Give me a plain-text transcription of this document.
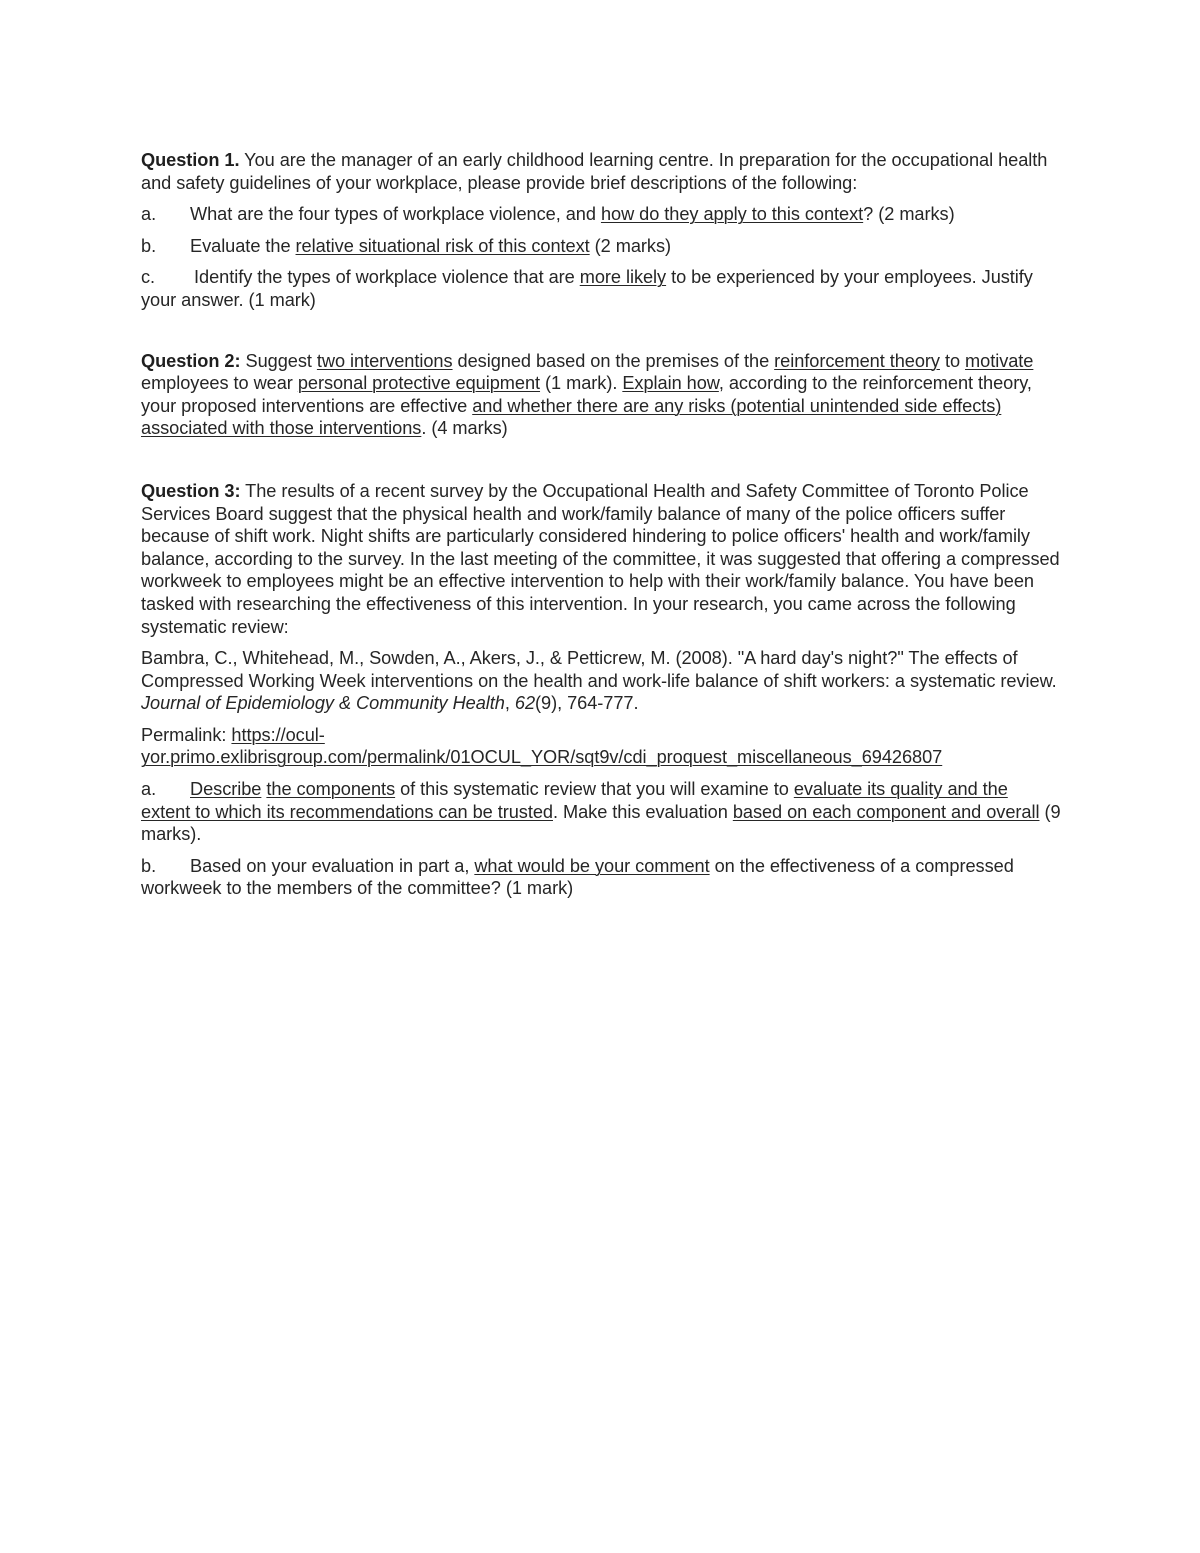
Question 1. You are the manager of an early childhood learning centre. In preparation for the occupational health and safety guidelines of your workplace, please provide brief descriptions of the following:

a. What are the four types of workplace violence, and how do they apply to this context? (2 marks)

b. Evaluate the relative situational risk of this context (2 marks)

c. Identify the types of workplace violence that are more likely to be experienced by your employees. Justify your answer. (1 mark)

Question 2: Suggest two interventions designed based on the premises of the reinforcement theory to motivate employees to wear personal protective equipment (1 mark). Explain how, according to the reinforcement theory, your proposed interventions are effective and whether there are any risks (potential unintended side effects) associated with those interventions. (4 marks)

Question 3: The results of a recent survey by the Occupational Health and Safety Committee of Toronto Police Services Board suggest that the physical health and work/family balance of many of the police officers suffer because of shift work. Night shifts are particularly considered hindering to police officers' health and work/family balance, according to the survey. In the last meeting of the committee, it was suggested that offering a compressed workweek to employees might be an effective intervention to help with their work/family balance. You have been tasked with researching the effectiveness of this intervention. In your research, you came across the following systematic review:

Bambra, C., Whitehead, M., Sowden, A., Akers, J., & Petticrew, M. (2008). "A hard day's night?" The effects of Compressed Working Week interventions on the health and work-life balance of shift workers: a systematic review. Journal of Epidemiology & Community Health, 62(9), 764-777.

Permalink: https://ocul-yor.primo.exlibrisgroup.com/permalink/01OCUL_YOR/sqt9v/cdi_proquest_miscellaneous_69426807

a. Describe the components of this systematic review that you will examine to evaluate its quality and the extent to which its recommendations can be trusted. Make this evaluation based on each component and overall (9 marks).

b. Based on your evaluation in part a, what would be your comment on the effectiveness of a compressed workweek to the members of the committee? (1 mark)
